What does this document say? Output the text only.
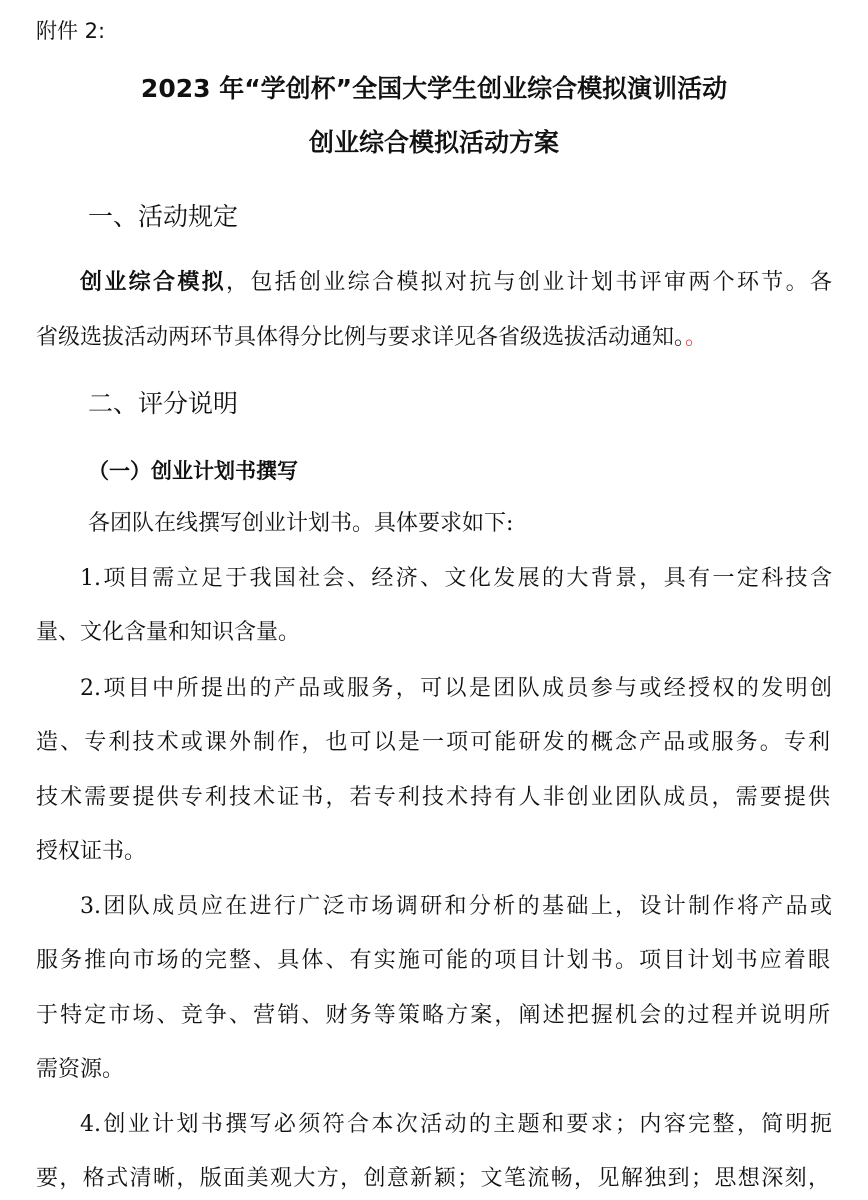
附件 2:
2023 年“学创杯”全国大学生创业综合模拟演训活动
创业综合模拟活动方案
一、活动规定
创业综合模拟，包括创业综合模拟对抗与创业计划书评审两个环节。各
省级选拔活动两环节具体得分比例与要求详见各省级选拔活动通知。。
二、评分说明
（一）创业计划书撰写
各团队在线撰写创业计划书。具体要求如下:
1.项目需立足于我国社会、经济、文化发展的大背景，具有一定科技含
量、文化含量和知识含量。
2.项目中所提出的产品或服务，可以是团队成员参与或经授权的发明创
造、专利技术或课外制作，也可以是一项可能研发的概念产品或服务。专利
技术需要提供专利技术证书，若专利技术持有人非创业团队成员，需要提供
授权证书。
3.团队成员应在进行广泛市场调研和分析的基础上，设计制作将产品或
服务推向市场的完整、具体、有实施可能的项目计划书。项目计划书应着眼
于特定市场、竞争、营销、财务等策略方案，阐述把握机会的过程并说明所
需资源。
4.创业计划书撰写必须符合本次活动的主题和要求；内容完整，简明扼
要，格式清晰，版面美观大方，创意新颖；文笔流畅，见解独到；思想深刻，
